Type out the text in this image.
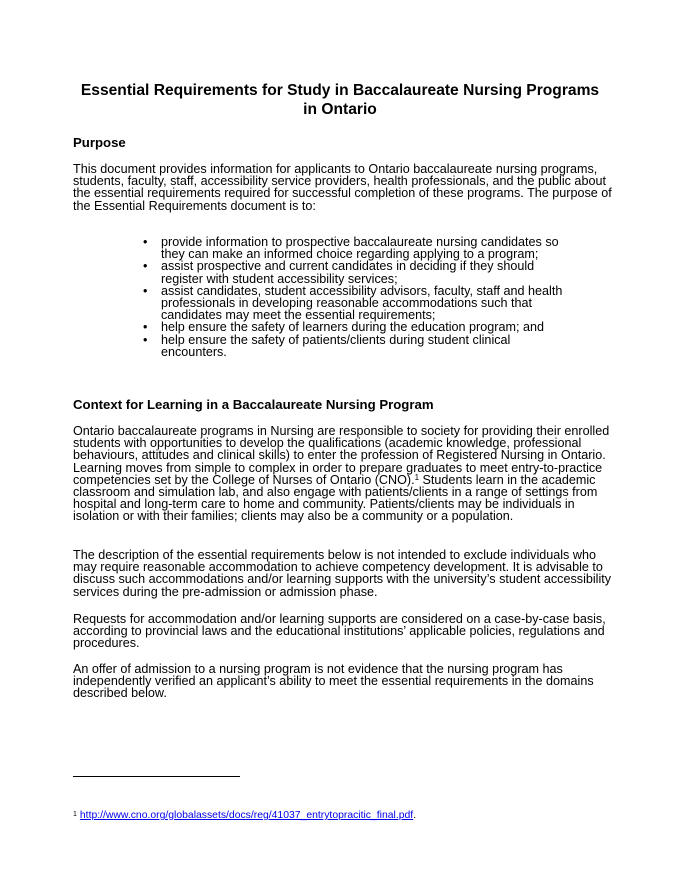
Essential Requirements for Study in Baccalaureate Nursing Programs
in Ontario
Purpose

This document provides information for applicants to Ontario baccalaureate nursing programs, students, faculty, staff, accessibility service providers, health professionals, and the public about the essential requirements required for successful completion of these programs. The purpose of the Essential Requirements document is to:

• provide information to prospective baccalaureate nursing candidates so they can make an informed choice regarding applying to a program;
• assist prospective and current candidates in deciding if they should register with student accessibility services;
• assist candidates, student accessibility advisors, faculty, staff and health professionals in developing reasonable accommodations such that candidates may meet the essential requirements;
• help ensure the safety of learners during the education program; and
• help ensure the safety of patients/clients during student clinical encounters.
Context for Learning in a Baccalaureate Nursing Program

Ontario baccalaureate programs in Nursing are responsible to society for providing their enrolled students with opportunities to develop the qualifications (academic knowledge, professional behaviours, attitudes and clinical skills) to enter the profession of Registered Nursing in Ontario. Learning moves from simple to complex in order to prepare graduates to meet entry-to-practice competencies set by the College of Nurses of Ontario (CNO).$^1$ Students learn in the academic classroom and simulation lab, and also engage with patients/clients in a range of settings from hospital and long-term care to home and community. Patients/clients may be individuals in isolation or with their families; clients may also be a community or a population.

The description of the essential requirements below is not intended to exclude individuals who may require reasonable accommodation to achieve competency development. It is advisable to discuss such accommodations and/or learning supports with the university’s student accessibility services during the pre-admission or admission phase.

Requests for accommodation and/or learning supports are considered on a case-by-case basis, according to provincial laws and the educational institutions’ applicable policies, regulations and procedures.

An offer of admission to a nursing program is not evidence that the nursing program has independently verified an applicant’s ability to meet the essential requirements in the domains described below.

$^1$ http://www.cno.org/globalassets/docs/reg/41037_entrytopracitic_final.pdf.
